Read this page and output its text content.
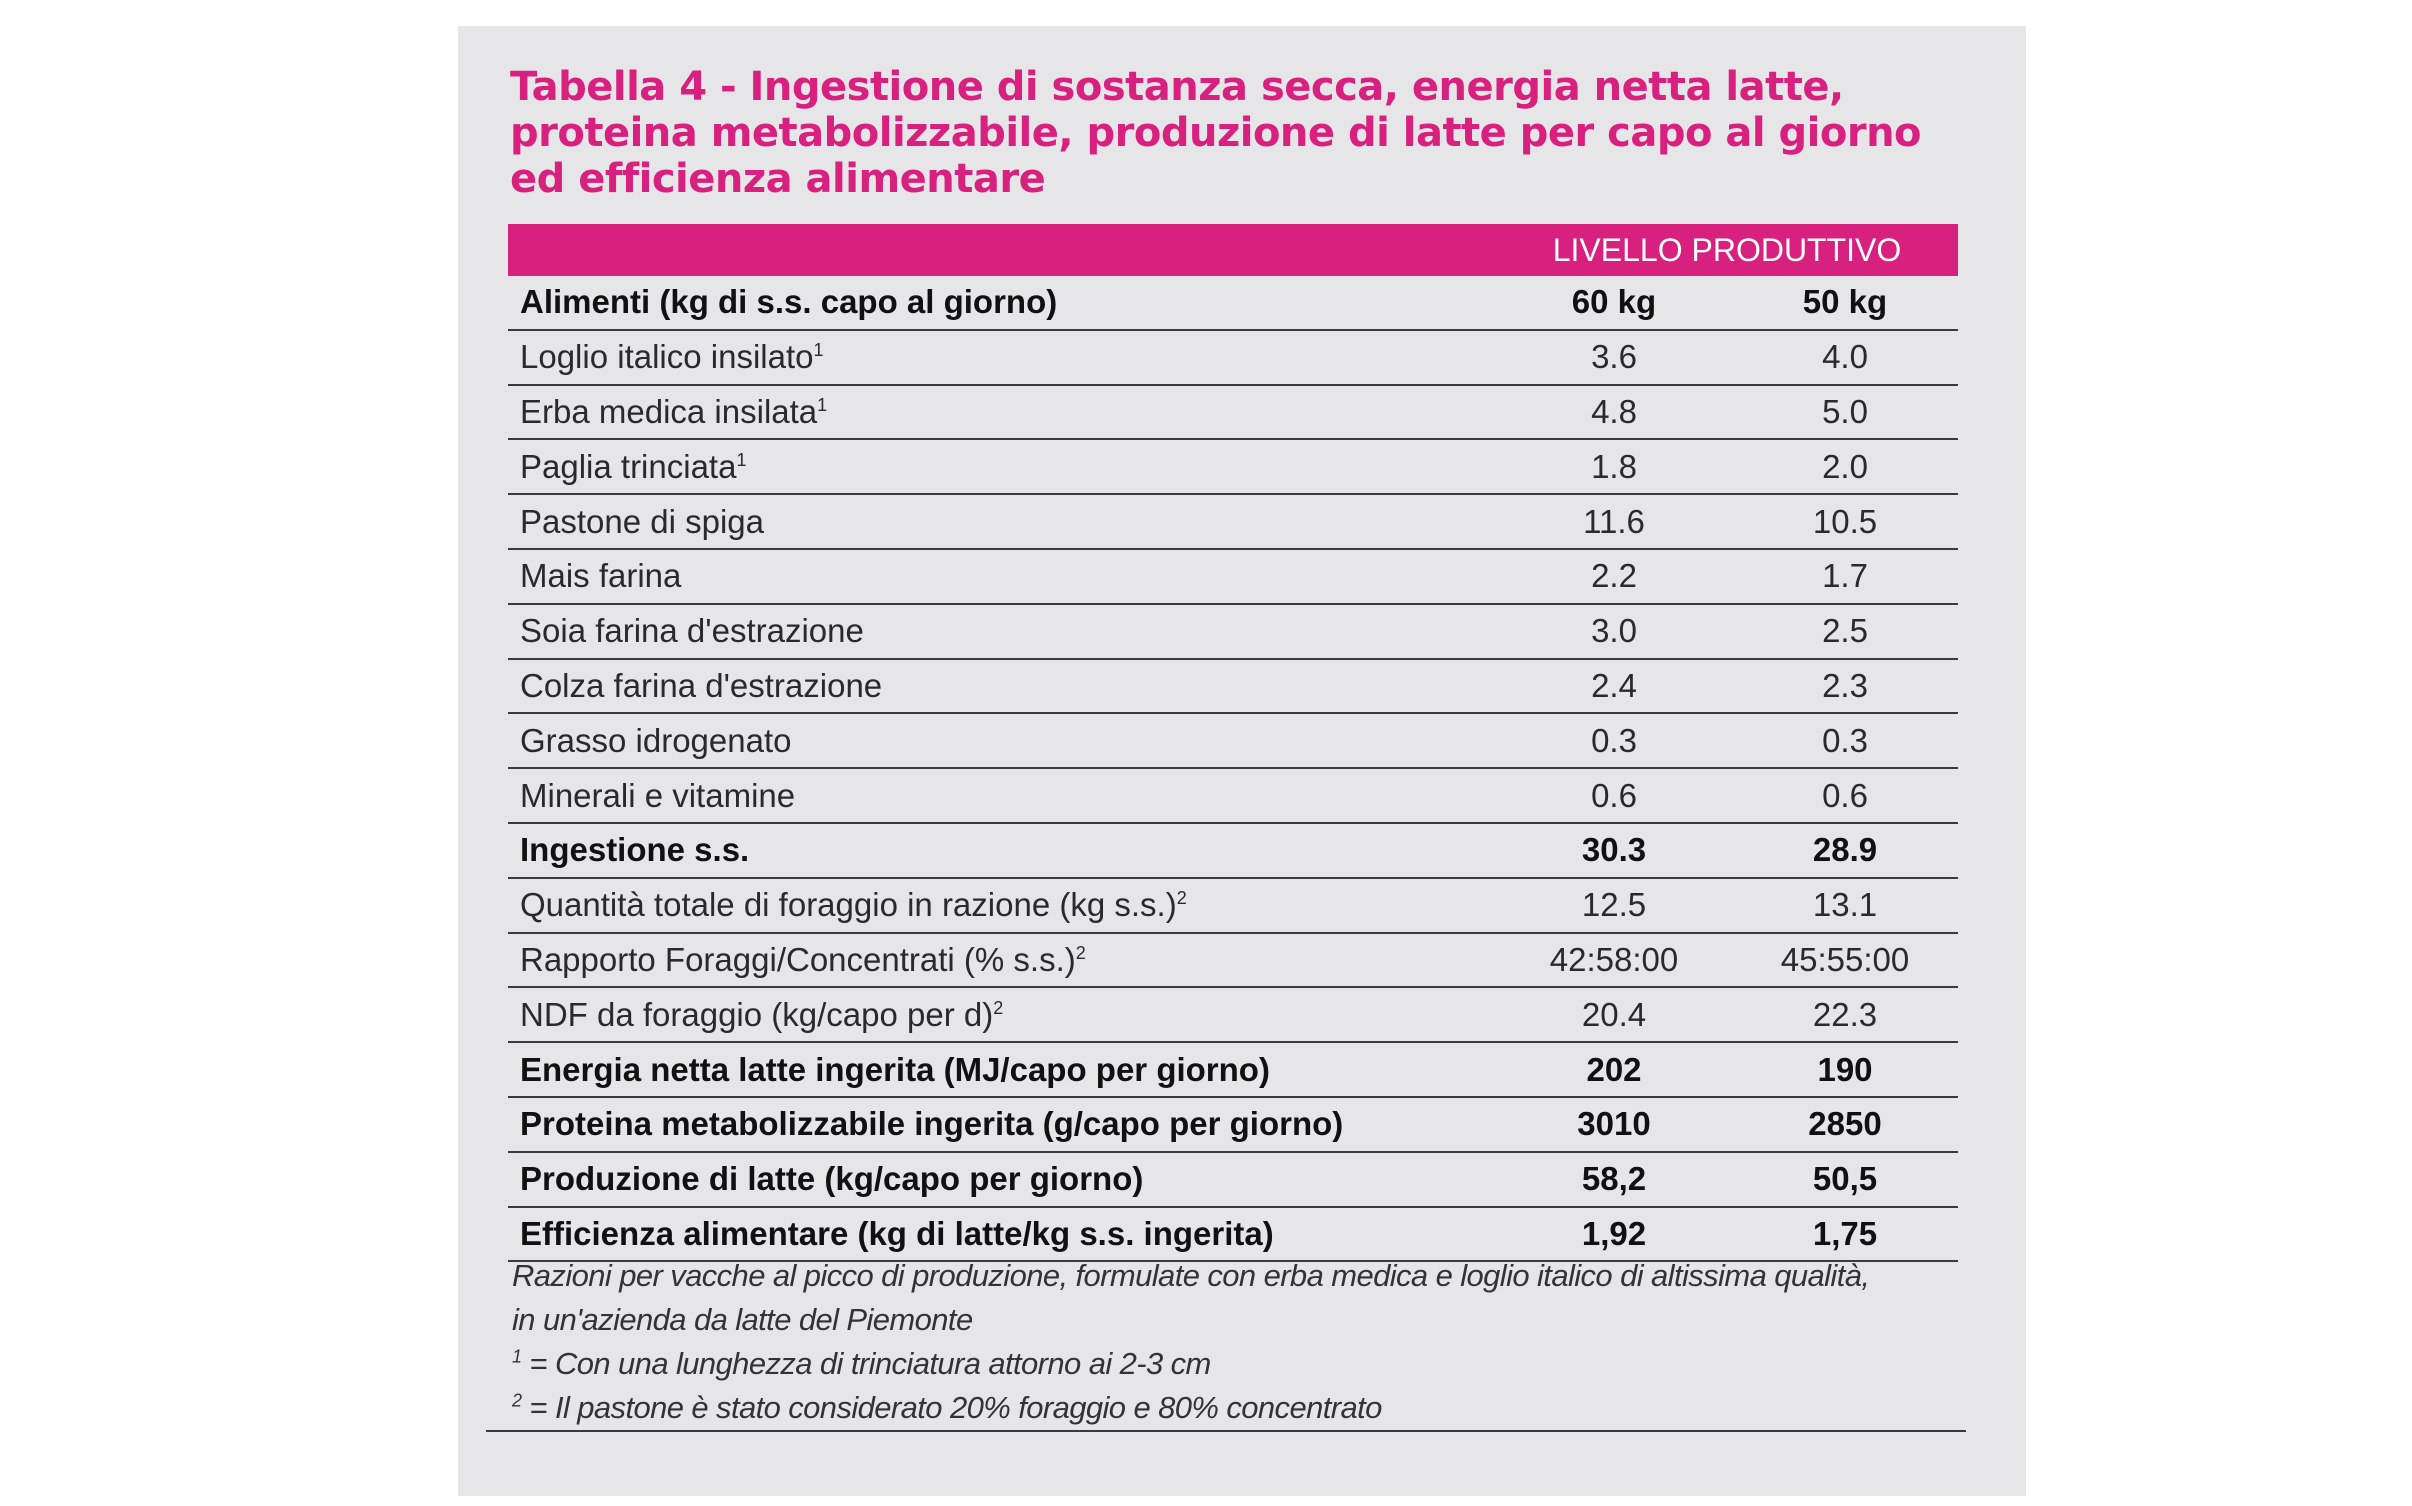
Tabella 4 - Ingestione di sostanza secca, energia netta latte, proteina metabolizzabile, produzione di latte per capo al giorno ed efficienza alimentare
	LIVELLO PRODUTTIVO	
Alimenti (kg di s.s. capo al giorno)	60 kg	50 kg
Loglio italico insilato$^1$	3.6	4.0
Erba medica insilata$^1$	4.8	5.0
Paglia trinciata$^1$	1.8	2.0
Pastone di spiga	11.6	10.5
Mais farina	2.2	1.7
Soia farina d'estrazione	3.0	2.5
Colza farina d'estrazione	2.4	2.3
Grasso idrogenato	0.3	0.3
Minerali e vitamine	0.6	0.6
Ingestione s.s.	30.3	28.9
Quantità totale di foraggio in razione (kg s.s.)$^2$	12.5	13.1
Rapporto Foraggi/Concentrati (% s.s.)$^2$	42:58:00	45:55:00
NDF da foraggio (kg/capo per d)$^2$	20.4	22.3
Energia netta latte ingerita (MJ/capo per giorno)	202	190
Proteina metabolizzabile ingerita (g/capo per giorno)	3010	2850
Produzione di latte (kg/capo per giorno)	58,2	50,5
Efficienza alimentare (kg di latte/kg s.s. ingerita)	1,92	1,75

Razioni per vacche al picco di produzione, formulate con erba medica e loglio italico di altissima qualità,

in un'azienda da latte del Piemonte

$^1$ = Con una lunghezza di trinciatura attorno ai 2-3 cm

$^2$ = Il pastone è stato considerato 20% foraggio e 80% concentrato
